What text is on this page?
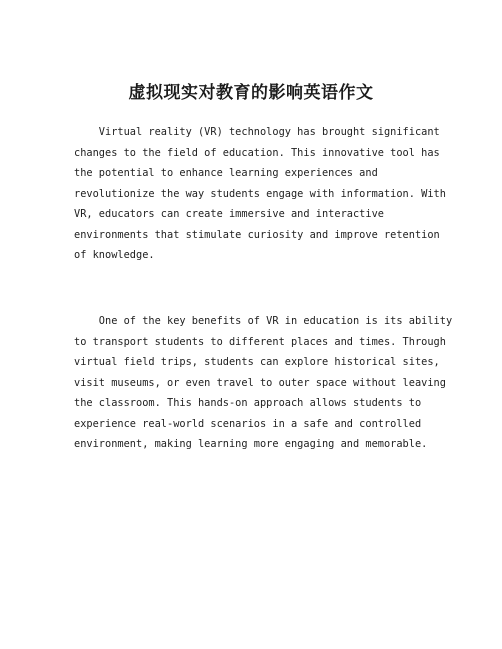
虚拟现实对教育的影响英语作文
Virtual reality (VR) technology has brought significant
changes to the field of education. This innovative tool has
the potential to enhance learning experiences and
revolutionize the way students engage with information. With
VR, educators can create immersive and interactive
environments that stimulate curiosity and improve retention
of knowledge.
One of the key benefits of VR in education is its ability
to transport students to different places and times. Through
virtual field trips, students can explore historical sites,
visit museums, or even travel to outer space without leaving
the classroom. This hands-on approach allows students to
experience real-world scenarios in a safe and controlled
environment, making learning more engaging and memorable.
